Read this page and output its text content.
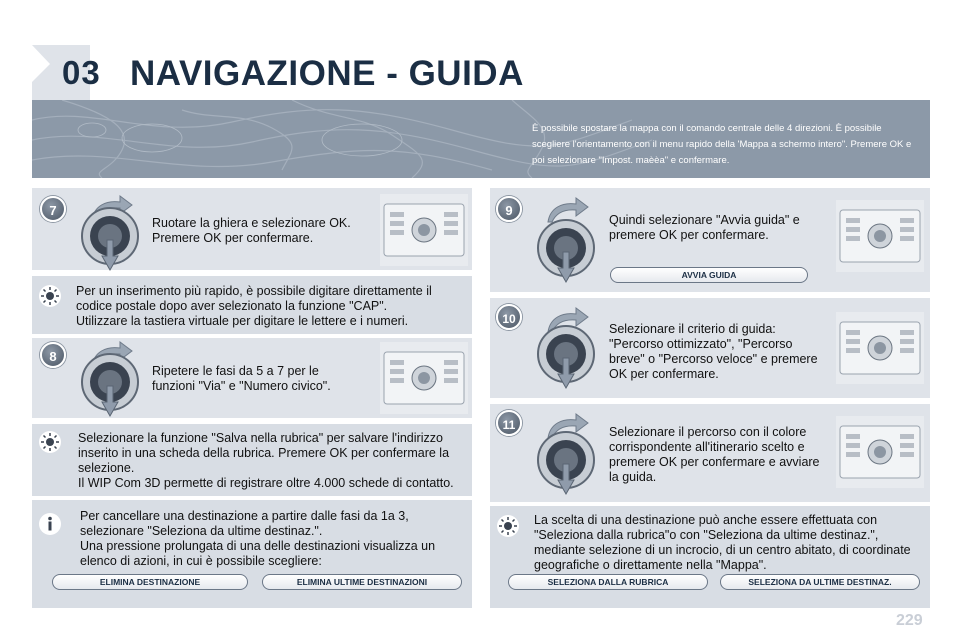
03 NAVIGAZIONE - GUIDA
È possibile spostare la mappa con il comando centrale delle 4 direzioni. È possibile scegliere l'orientamento con il menu rapido della 'Mappa a schermo intero". Premere OK e poi selezionare "Impost. maèèa" e confermare.
7
Ruotare la ghiera e selezionare OK.
Premere OK per confermare.
Per un inserimento più rapido, è possibile digitare direttamente il
codice postale dopo aver selezionato la funzione "CAP".
Utilizzare la tastiera virtuale per digitare le lettere e i numeri.
8
Ripetere le fasi da 5 a 7 per le
funzioni "Via" e "Numero civico".
Selezionare la funzione "Salva nella rubrica" per salvare l'indirizzo
inserito in una scheda della rubrica. Premere OK per confermare la
selezione.
Il WIP Com 3D permette di registrare oltre 4.000 schede di contatto.
Per cancellare una destinazione a partire dalle fasi da 1a 3,
selezionare "Seleziona da ultime destinaz.".
Una pressione prolungata di una delle destinazioni visualizza un
elenco di azioni, in cui è possibile scegliere:
ELIMINA DESTINAZIONE	ELIMINA ULTIME DESTINAZIONI
9
Quindi selezionare "Avvia guida" e
premere OK per confermare.
AVVIA GUIDA
10
Selezionare il criterio di guida:
"Percorso ottimizzato", "Percorso
breve" o "Percorso veloce" e premere
OK per confermare.
11	Selezionare il percorso con il colore
corrispondente all'itinerario scelto e
premere OK per confermare e avviare
la guida.
La scelta di una destinazione può anche essere effettuata con
"Seleziona dalla rubrica"o con "Seleziona da ultime destinaz.",
mediante selezione di un incrocio, di un centro abitato, di coordinate
geografiche o direttamente nella "Mappa".
SELEZIONA DALLA RUBRICA	SELEZIONA DA ULTIME DESTINAZ.
229
